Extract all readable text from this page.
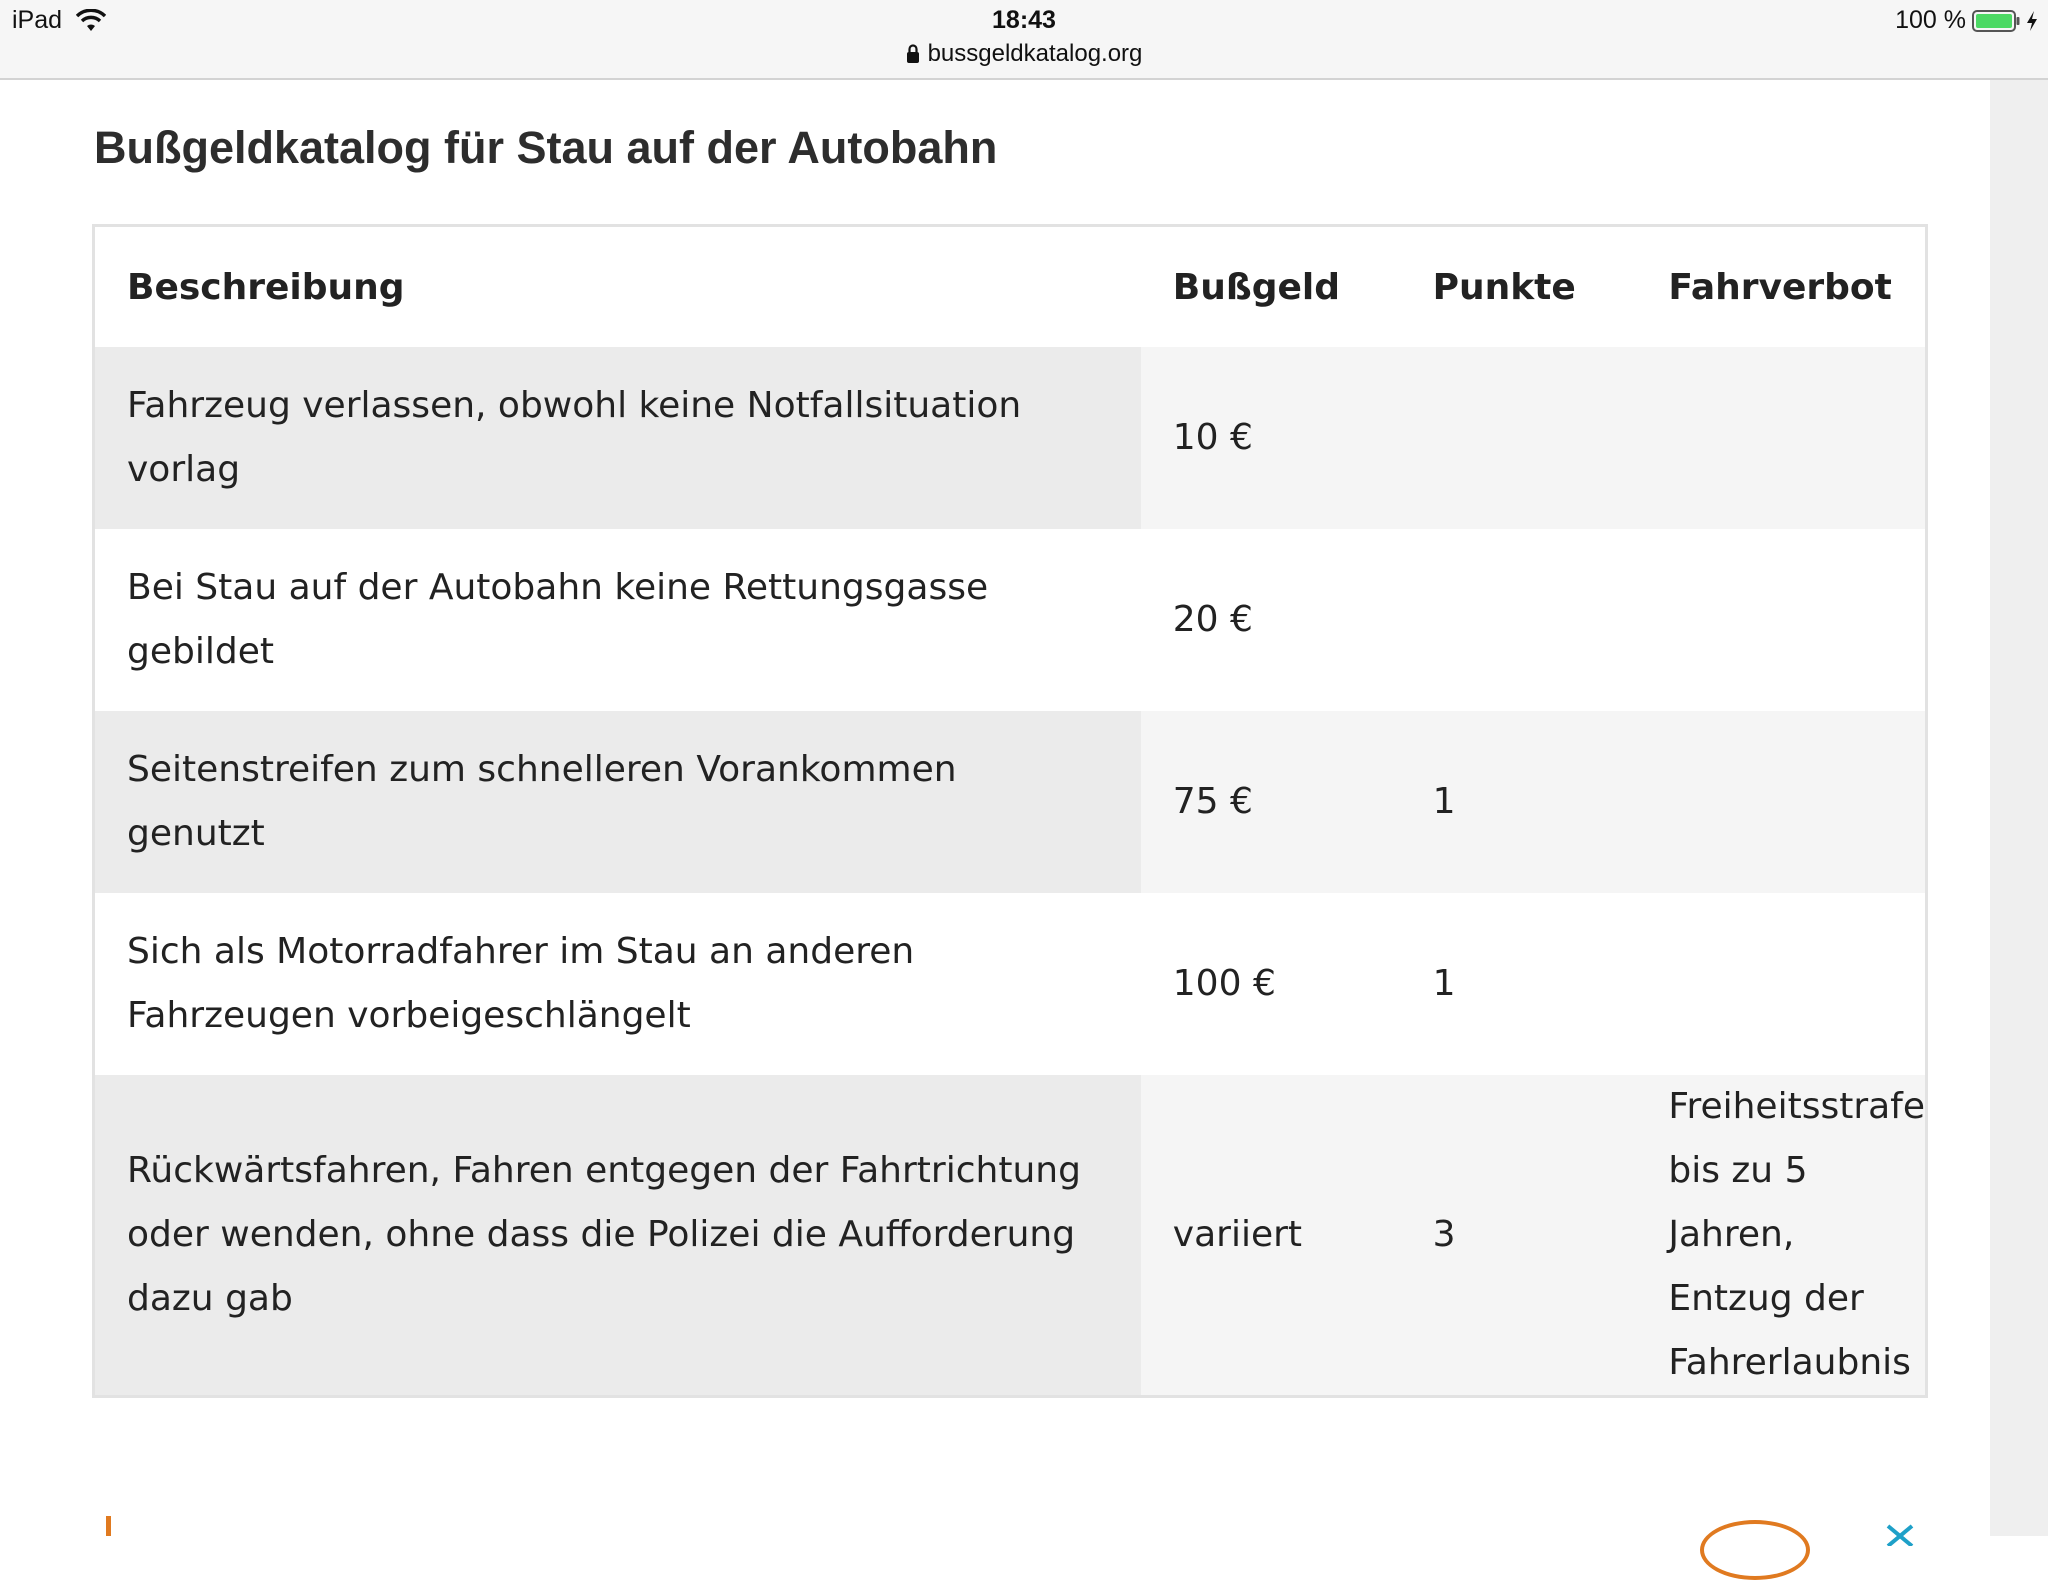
iPad	18:43
bussgeldkatalog.org
100 %
Bußgeldkatalog für Stau auf der Autobahn
Beschreibung	Bußgeld	Punkte	Fahrverbot
Fahrzeug verlassen, obwohl keine Notfallsituation vorlag	10 €		
Bei Stau auf der Autobahn keine Rettungsgasse gebildet	20 €		
Seitenstreifen zum schnelleren Vorankommen genutzt	75 €	1	
Sich als Motorradfahrer im Stau an anderen Fahrzeugen vorbeigeschlängelt	100 €	1	
Rückwärtsfahren, Fahren entgegen der Fahrtrichtung oder wenden, ohne dass die Polizei die Aufforderung dazu gab	variiert	3	Freiheitsstrafe bis zu 5 Jahren, Entzug der Fahrerlaubnis
